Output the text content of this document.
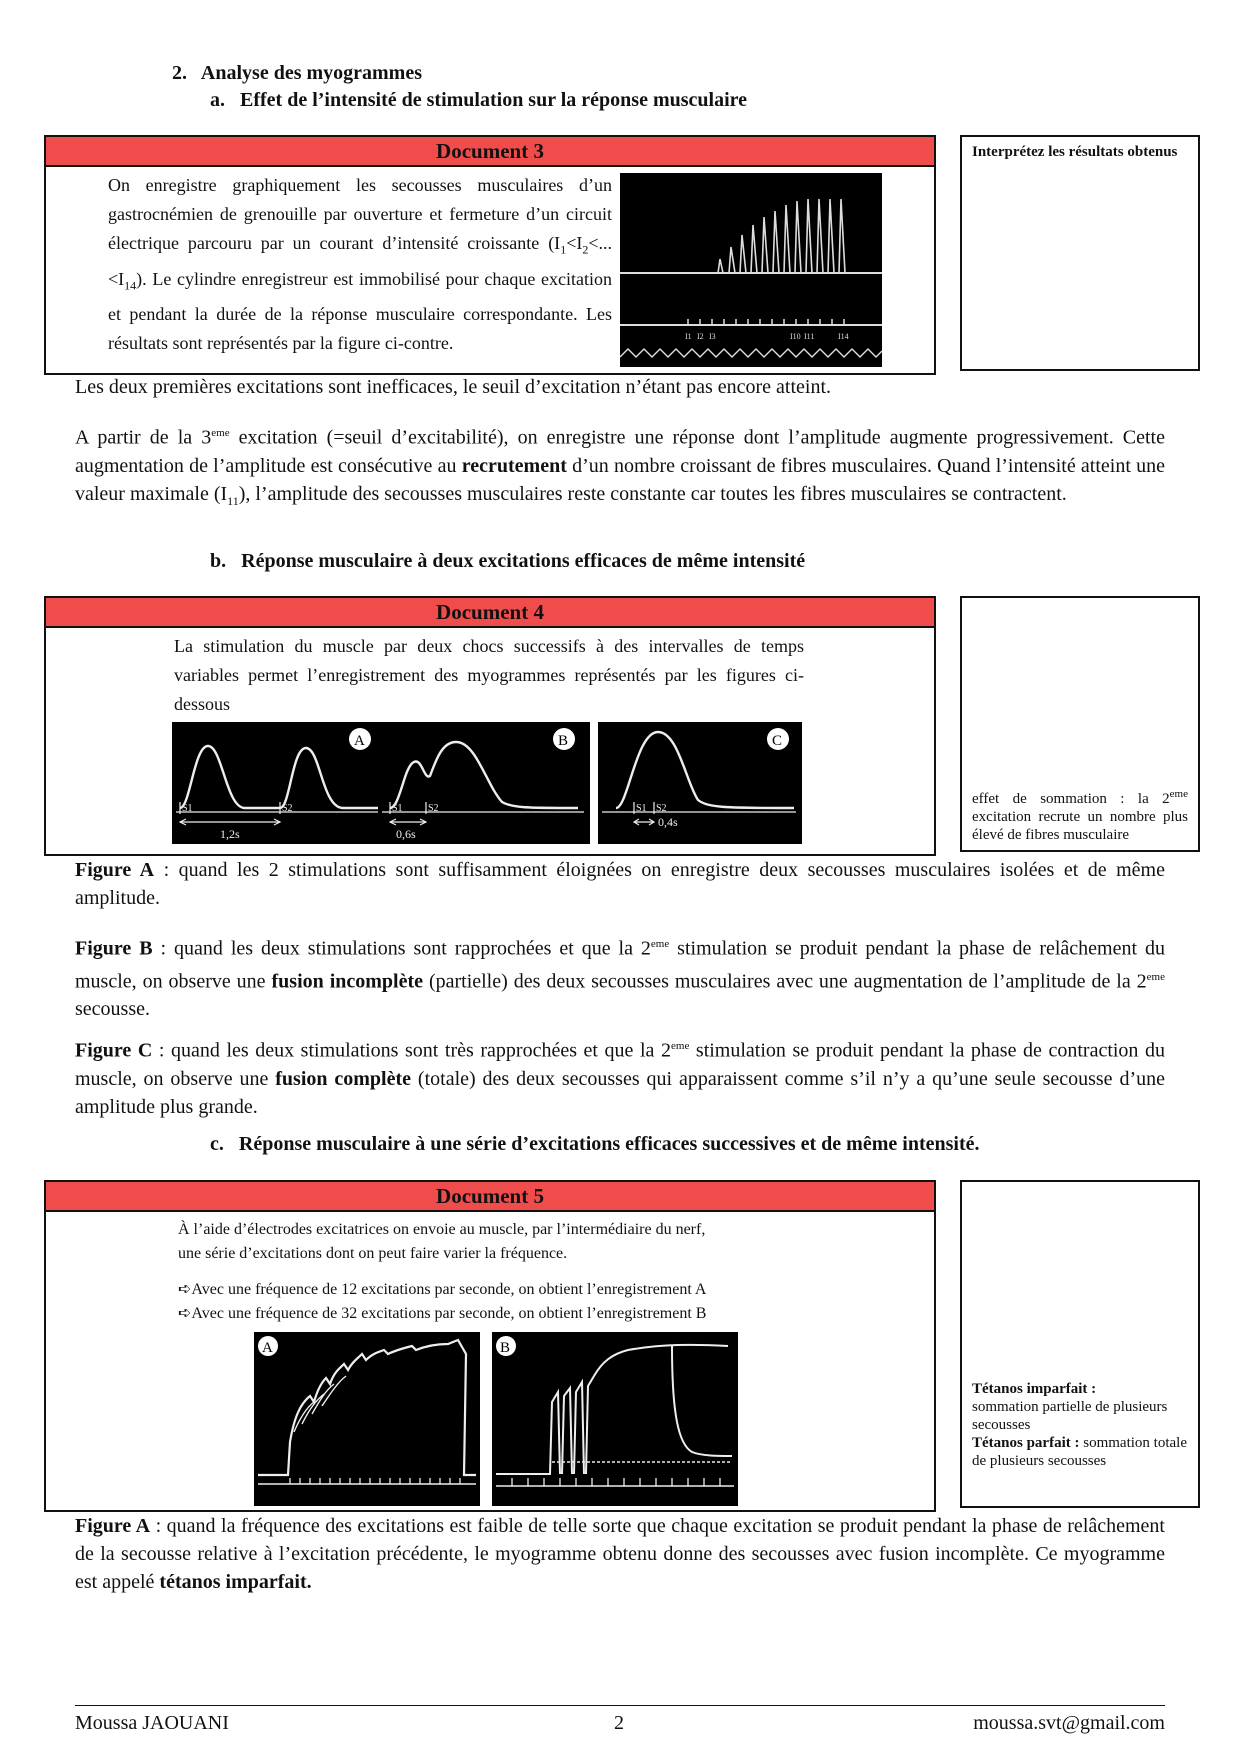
2. Analyse des myogrammes
a. Effet de l’intensité de stimulation sur la réponse musculaire
Document 3
On enregistre graphiquement les secousses musculaires d’un gastrocnémien de grenouille par ouverture et fermeture d’un circuit électrique parcouru par un courant d’intensité croissante $(I_1<I_2<...<I_{14})$. Le cylindre enregistreur est immobilisé pour chaque excitation et pendant la durée de la réponse musculaire correspondante. Les résultats sont représentés par la figure ci-contre.	I1 I2 I3	I10 I11	I14
Interprétez les résultats obtenus
Les deux premières excitations sont inefficaces, le seuil d’excitation n’étant pas encore atteint.
A partir de la 3eme excitation (=seuil d’excitabilité), on enregistre une réponse dont l’amplitude augmente progressivement. Cette augmentation de l’amplitude est consécutive au recrutement d’un nombre croissant de fibres musculaires. Quand l’intensité atteint une valeur maximale $(I_{11})$, l’amplitude des secousses musculaires reste constante car toutes les fibres musculaires se contractent.
b. Réponse musculaire à deux excitations efficaces de même intensité
Document 4
La stimulation du muscle par deux chocs successifs à des intervalles de temps variables permet l’enregistrement des myogrammes représentés par les figures ci-dessous
S1	S2
1,2s
A
S1	S2
0,6s
B
S1 S2
0,4s
C
effet de sommation : la 2eme excitation recrute un nombre plus élevé de fibres musculaire
Figure A : quand les 2 stimulations sont suffisamment éloignées on enregistre deux secousses musculaires isolées et de même amplitude.
Figure B : quand les deux stimulations sont rapprochées et que la 2eme stimulation se produit pendant la phase de relâchement du muscle, on observe une fusion incomplète (partielle) des deux secousses musculaires avec une augmentation de l’amplitude de la 2eme secousse.
Figure C : quand les deux stimulations sont très rapprochées et que la 2eme stimulation se produit pendant la phase de contraction du muscle, on observe une fusion complète (totale) des deux secousses qui apparaissent comme s’il n’y a qu’une seule secousse d’une amplitude plus grande.
c. Réponse musculaire à une série d’excitations efficaces successives et de même intensité.
Document 5
À l’aide d’électrodes excitatrices on envoie au muscle, par l’intermédiaire du nerf,
une série d’excitations dont on peut faire varier la fréquence.
➪Avec une fréquence de 12 excitations par seconde, on obtient l’enregistrement A
➪Avec une fréquence de 32 excitations par seconde, on obtient l’enregistrement B
A	B
Tétanos imparfait :
sommation partielle de plusieurs secousses
Tétanos parfait : sommation totale de plusieurs secousses
Figure A : quand la fréquence des excitations est faible de telle sorte que chaque excitation se produit pendant la phase de relâchement de la secousse relative à l’excitation précédente, le myogramme obtenu donne des secousses avec fusion incomplète. Ce myogramme est appelé tétanos imparfait.
Moussa JAOUANI	2	moussa.svt@gmail.com
